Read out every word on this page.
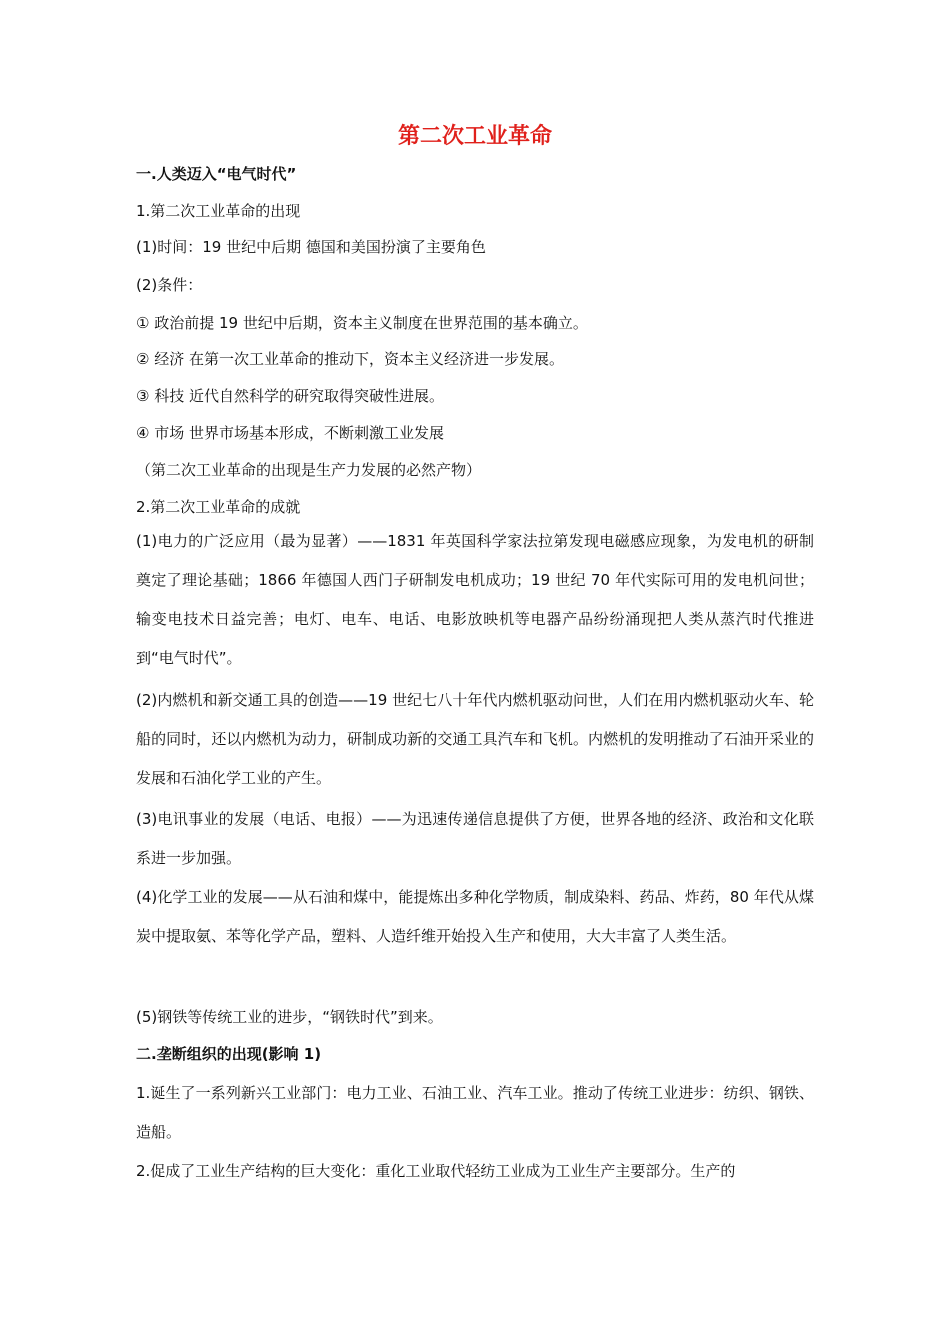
第二次工业革命
一.人类迈入“电气时代”
1.第二次工业革命的出现
(1)时间：19 世纪中后期 德国和美国扮演了主要角色
(2)条件：
① 政治前提 19 世纪中后期，资本主义制度在世界范围的基本确立。
② 经济 在第一次工业革命的推动下，资本主义经济进一步发展。
③ 科技 近代自然科学的研究取得突破性进展。
④ 市场 世界市场基本形成，不断刺激工业发展
（第二次工业革命的出现是生产力发展的必然产物）
2.第二次工业革命的成就
(1)电力的广泛应用（最为显著）——1831 年英国科学家法拉第发现电磁感应现象，为发电机的研制奠定了理论基础；1866 年德国人西门子研制发电机成功；19 世纪 70 年代实际可用的发电机问世；输变电技术日益完善；电灯、电车、电话、电影放映机等电器产品纷纷涌现把人类从蒸汽时代推进到“电气时代”。
(2)内燃机和新交通工具的创造——19 世纪七八十年代内燃机驱动问世，人们在用内燃机驱动火车、轮船的同时，还以内燃机为动力，研制成功新的交通工具汽车和飞机。内燃机的发明推动了石油开采业的发展和石油化学工业的产生。
(3)电讯事业的发展（电话、电报）——为迅速传递信息提供了方便，世界各地的经济、政治和文化联系进一步加强。
(4)化学工业的发展——从石油和煤中，能提炼出多种化学物质，制成染料、药品、炸药，80 年代从煤炭中提取氨、苯等化学产品，塑料、人造纤维开始投入生产和使用，大大丰富了人类生活。
(5)钢铁等传统工业的进步，“钢铁时代”到来。
二.垄断组织的出现(影响 1)
1.诞生了一系列新兴工业部门：电力工业、石油工业、汽车工业。推动了传统工业进步：纺织、钢铁、造船。
2.促成了工业生产结构的巨大变化：重化工业取代轻纺工业成为工业生产主要部分。生产的
